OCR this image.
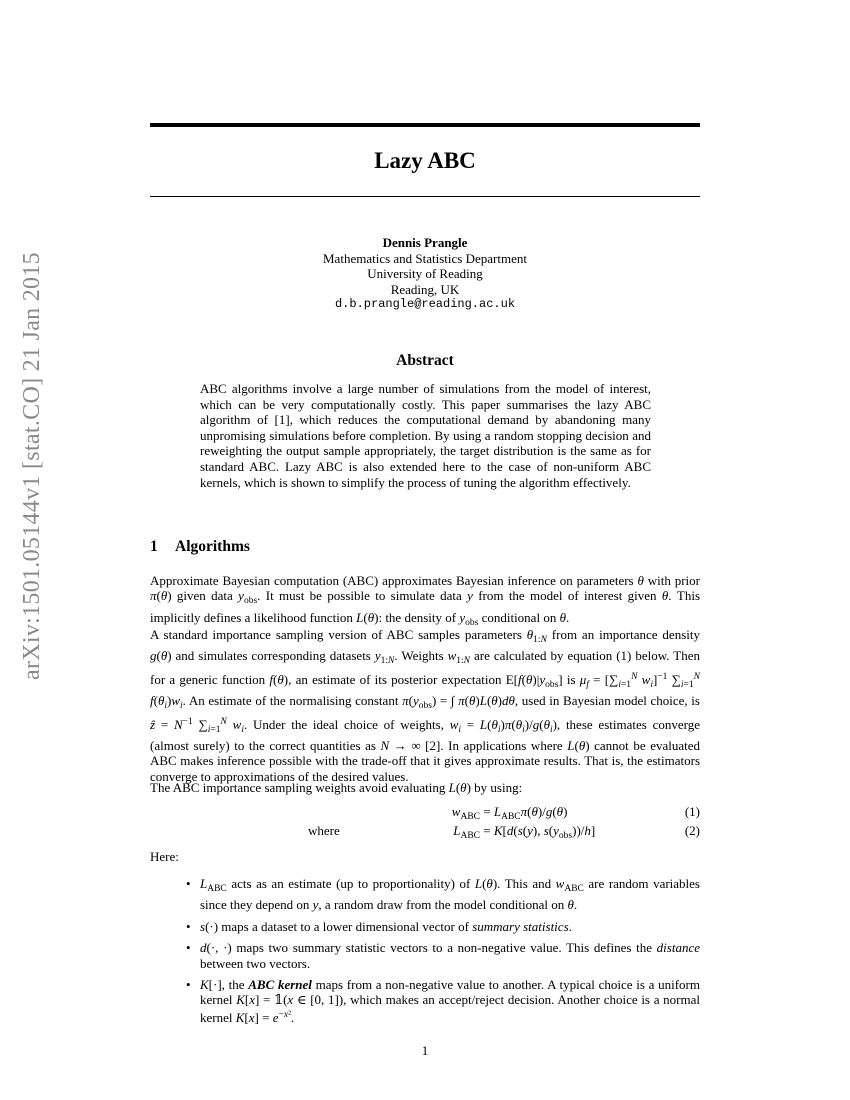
arXiv:1501.05144v1 [stat.CO] 21 Jan 2015
Lazy ABC
Dennis Prangle
Mathematics and Statistics Department
University of Reading
Reading, UK
d.b.prangle@reading.ac.uk
Abstract
ABC algorithms involve a large number of simulations from the model of interest, which can be very computationally costly. This paper summarises the lazy ABC algorithm of [1], which reduces the computational demand by abandoning many unpromising simulations before completion. By using a random stopping decision and reweighting the output sample appropriately, the target distribution is the same as for standard ABC. Lazy ABC is also extended here to the case of non-uniform ABC kernels, which is shown to simplify the process of tuning the algorithm effectively.
1 Algorithms
Approximate Bayesian computation (ABC) approximates Bayesian inference on parameters θ with prior π(θ) given data $y_{obs}$. It must be possible to simulate data y from the model of interest given θ. This implicitly defines a likelihood function L(θ): the density of $y_{obs}$ conditional on θ.
A standard importance sampling version of ABC samples parameters $\theta_{1:N}$ from an importance density g(θ) and simulates corresponding datasets $y_{1:N}$. Weights $w_{1:N}$ are calculated by equation (1) below. Then for a generic function f(θ), an estimate of its posterior expectation $E[f(\theta)|y_{obs}]$ is $\mu_f = [\sum_{i=1}^N$ $w_i]^{-1}$ $\sum_{i=1}^N$ $f(\theta_i)w_i$. An estimate of the normalising constant $\pi(y_{obs})$ = ∫ π(θ)L(θ)dθ, used in Bayesian model choice, is ẑ = $N^{-1}$ $\sum_{i=1}^N$ $w_i$. Under the ideal choice of weights, $w_i = L(\theta_i)\pi(\theta_i)/g(\theta_i)$, these estimates converge (almost surely) to the correct quantities as N → ∞ [2]. In applications where L(θ) cannot be evaluated ABC makes inference possible with the trade-off that it gives approximate results. That is, the estimators converge to approximations of the desired values.
The ABC importance sampling weights avoid evaluating L(θ) by using:
$w_{ABC} = L_{ABC}\pi(\theta)/g(\theta)$	(1)
where	$L_{ABC} = K[d(s(y)$, $s(y_{obs}))/h$]	(2)
Here:
• $L_{ABC}$ acts as an estimate (up to proportionality) of L(θ). This and $w_{ABC}$ are random variables since they depend on y, a random draw from the model conditional on θ.
• s(·) maps a dataset to a lower dimensional vector of summary statistics.
• d(·, ·) maps two summary statistic vectors to a non-negative value. This defines the distance between two vectors.
• K[·], the ABC kernel maps from a non-negative value to another. A typical choice is a uniform kernel K[x] = 𝟙(x ∈ [0, 1]), which makes an accept/reject decision. Another choice is a normal kernel $K[x] = e^{-x^2}$.
1
